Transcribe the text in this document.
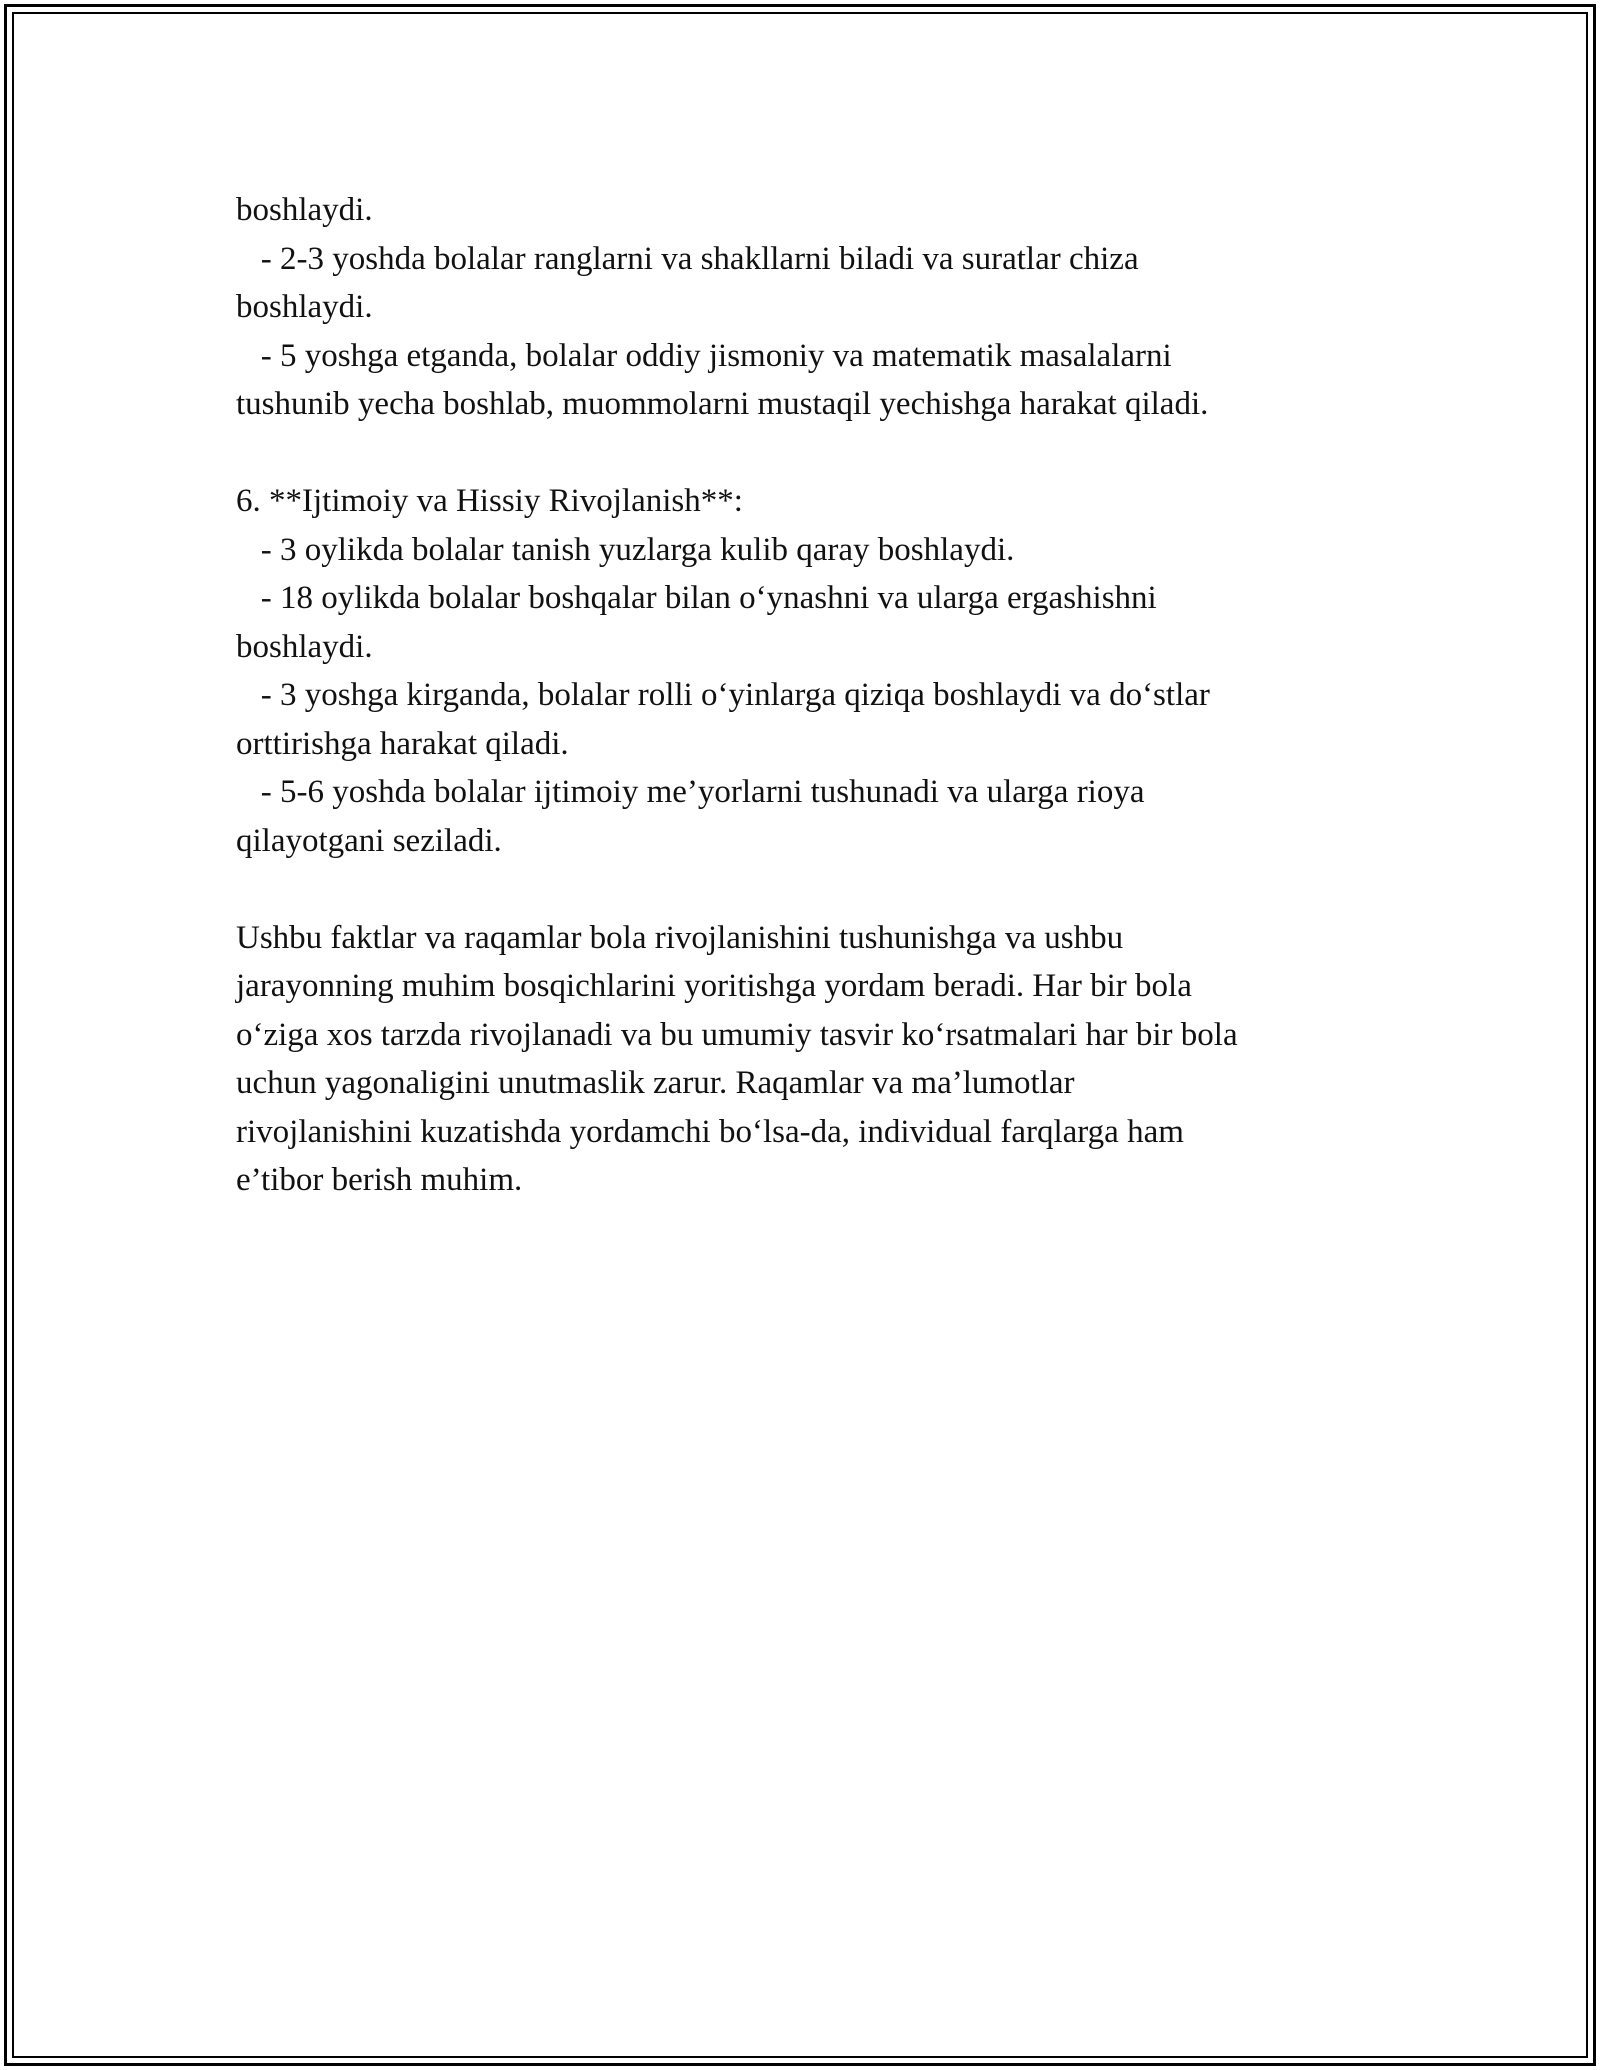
boshlaydi.
- 2-3 yoshda bolalar ranglarni va shakllarni biladi va suratlar chiza
boshlaydi.
- 5 yoshga etganda, bolalar oddiy jismoniy va matematik masalalarni
tushunib yecha boshlab, muommolarni mustaqil yechishga harakat qiladi.
6. **Ijtimoiy va Hissiy Rivojlanish**:
- 3 oylikda bolalar tanish yuzlarga kulib qaray boshlaydi.
- 18 oylikda bolalar boshqalar bilan o‘ynashni va ularga ergashishni
boshlaydi.
- 3 yoshga kirganda, bolalar rolli o‘yinlarga qiziqa boshlaydi va do‘stlar
orttirishga harakat qiladi.
- 5-6 yoshda bolalar ijtimoiy me’yorlarni tushunadi va ularga rioya
qilayotgani seziladi.
Ushbu faktlar va raqamlar bola rivojlanishini tushunishga va ushbu
jarayonning muhim bosqichlarini yoritishga yordam beradi. Har bir bola
o‘ziga xos tarzda rivojlanadi va bu umumiy tasvir ko‘rsatmalari har bir bola
uchun yagonaligini unutmaslik zarur. Raqamlar va ma’lumotlar
rivojlanishini kuzatishda yordamchi bo‘lsa-da, individual farqlarga ham
e’tibor berish muhim.
